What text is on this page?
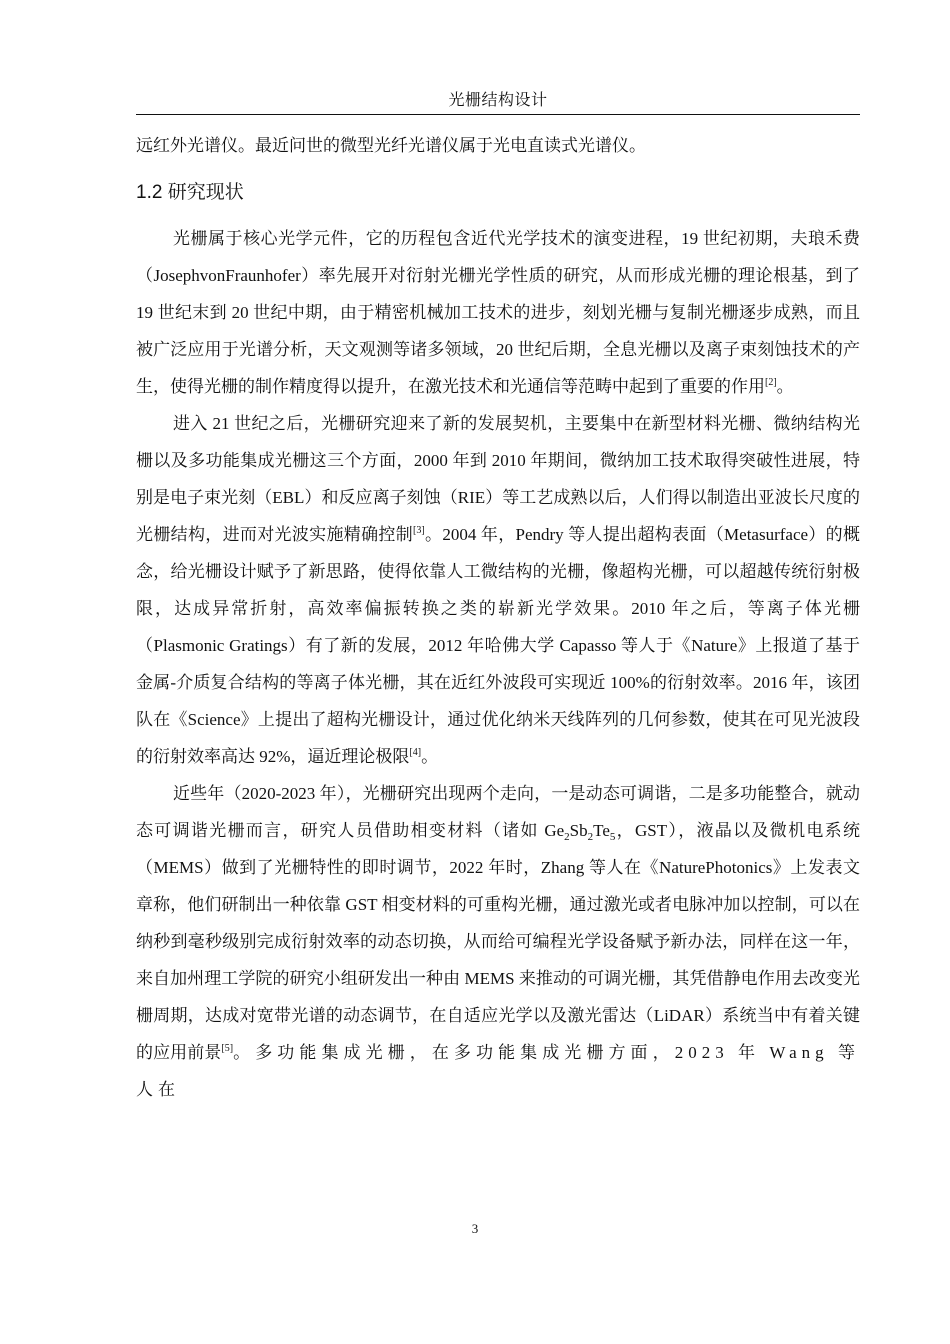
光栅结构设计

远红外光谱仪。最近问世的微型光纤光谱仪属于光电直读式光谱仪。

1.2 研究现状

光栅属于核心光学元件，它的历程包含近代光学技术的演变进程，19 世纪初期，夫琅禾费（JosephvonFraunhofer）率先展开对衍射光栅光学性质的研究，从而形成光栅的理论根基，到了 19 世纪末到 20 世纪中期，由于精密机械加工技术的进步，刻划光栅与复制光栅逐步成熟，而且被广泛应用于光谱分析，天文观测等诸多领域，20 世纪后期，全息光栅以及离子束刻蚀技术的产生，使得光栅的制作精度得以提升，在激光技术和光通信等范畴中起到了重要的作用[2]。

进入 21 世纪之后，光栅研究迎来了新的发展契机，主要集中在新型材料光栅、微纳结构光栅以及多功能集成光栅这三个方面，2000 年到 2010 年期间，微纳加工技术取得突破性进展，特别是电子束光刻（EBL）和反应离子刻蚀（RIE）等工艺成熟以后，人们得以制造出亚波长尺度的光栅结构，进而对光波实施精确控制[3]。2004 年，Pendry 等人提出超构表面（Metasurface）的概念，给光栅设计赋予了新思路，使得依靠人工微结构的光栅，像超构光栅，可以超越传统衍射极限，达成异常折射，高效率偏振转换之类的崭新光学效果。2010 年之后，等离子体光栅（Plasmonic Gratings）有了新的发展，2012 年哈佛大学 Capasso 等人于《Nature》上报道了基于金属-介质复合结构的等离子体光栅，其在近红外波段可实现近 100%的衍射效率。2016 年，该团队在《Science》上提出了超构光栅设计，通过优化纳米天线阵列的几何参数，使其在可见光波段的衍射效率高达 92%，逼近理论极限[4]。

近些年（2020-2023 年），光栅研究出现两个走向，一是动态可调谐，二是多功能整合，就动态可调谐光栅而言，研究人员借助相变材料（诸如 $Ge_2Sb_2Te_5$，GST），液晶以及微机电系统（MEMS）做到了光栅特性的即时调节，2022 年时，Zhang 等人在《NaturePhotonics》上发表文章称，他们研制出一种依靠 GST 相变材料的可重构光栅，通过激光或者电脉冲加以控制，可以在纳秒到毫秒级别完成衍射效率的动态切换，从而给可编程光学设备赋予新办法，同样在这一年，来自加州理工学院的研究小组研发出一种由 MEMS 来推动的可调光栅，其凭借静电作用去改变光栅周期，达成对宽带光谱的动态调节，在自适应光学以及激光雷达（LiDAR）系统当中有着关键的应用前景[5]。多功能集成光栅，在多功能集成光栅方面，2023 年 Wang 等人在

3
